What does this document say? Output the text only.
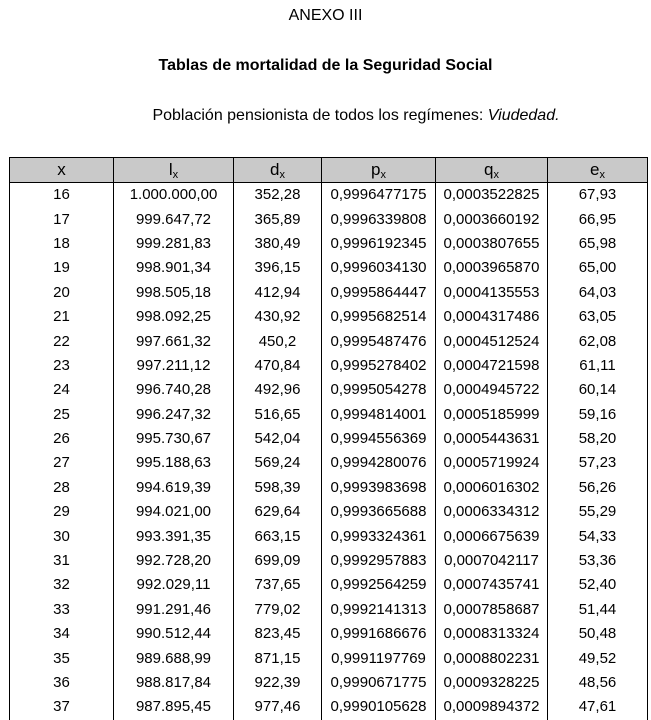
ANEXO III
Tablas de mortalidad de la Seguridad Social
Población pensionista de todos los regímenes: Viudedad.
x	$l_x$	$d_x$	$p_x$	$q_x$	$e_x$
16	1.000.000,00	352,28	0,9996477175	0,0003522825	67,93
17	999.647,72	365,89	0,9996339808	0,0003660192	66,95
18	999.281,83	380,49	0,9996192345	0,0003807655	65,98
19	998.901,34	396,15	0,9996034130	0,0003965870	65,00
20	998.505,18	412,94	0,9995864447	0,0004135553	64,03
21	998.092,25	430,92	0,9995682514	0,0004317486	63,05
22	997.661,32	450,2	0,9995487476	0,0004512524	62,08
23	997.211,12	470,84	0,9995278402	0,0004721598	61,11
24	996.740,28	492,96	0,9995054278	0,0004945722	60,14
25	996.247,32	516,65	0,9994814001	0,0005185999	59,16
26	995.730,67	542,04	0,9994556369	0,0005443631	58,20
27	995.188,63	569,24	0,9994280076	0,0005719924	57,23
28	994.619,39	598,39	0,9993983698	0,0006016302	56,26
29	994.021,00	629,64	0,9993665688	0,0006334312	55,29
30	993.391,35	663,15	0,9993324361	0,0006675639	54,33
31	992.728,20	699,09	0,9992957883	0,0007042117	53,36
32	992.029,11	737,65	0,9992564259	0,0007435741	52,40
33	991.291,46	779,02	0,9992141313	0,0007858687	51,44
34	990.512,44	823,45	0,9991686676	0,0008313324	50,48
35	989.688,99	871,15	0,9991197769	0,0008802231	49,52
36	988.817,84	922,39	0,9990671775	0,0009328225	48,56
37	987.895,45	977,46	0,9990105628	0,0009894372	47,61
